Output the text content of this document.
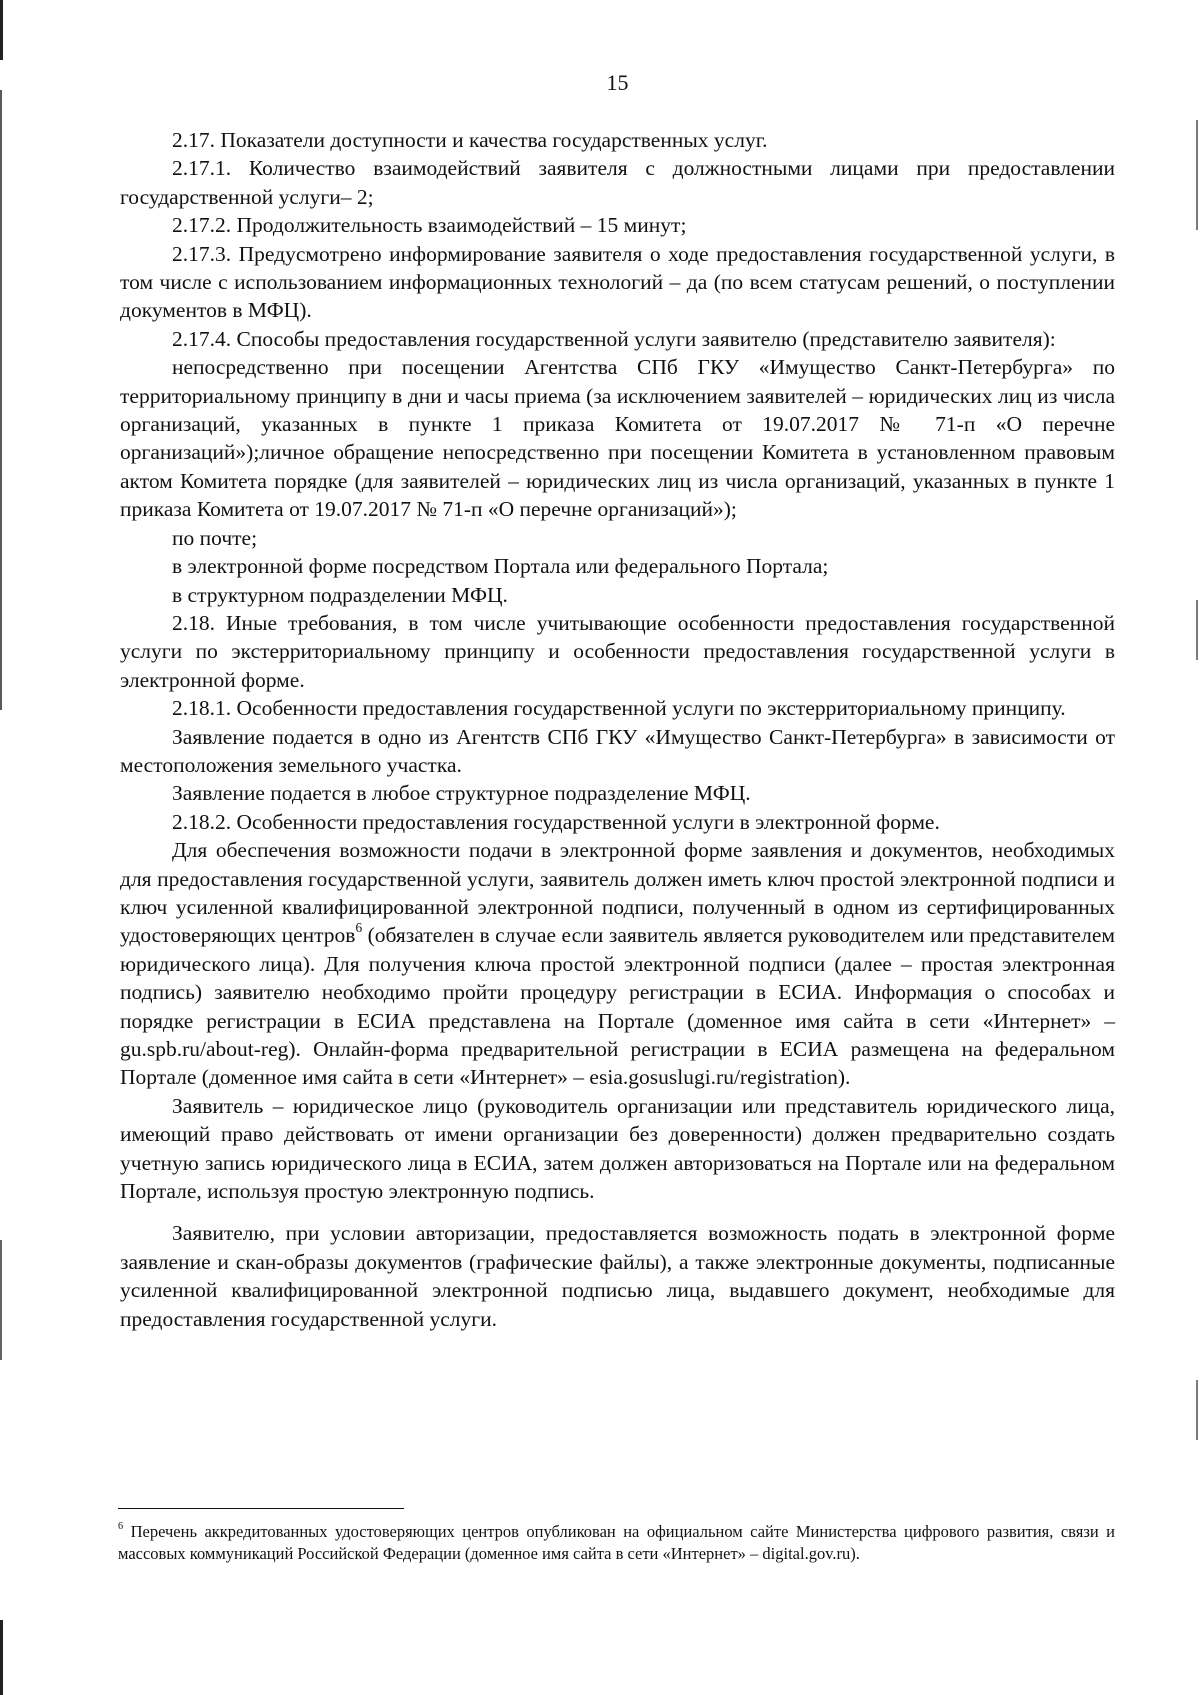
15

2.17. Показатели доступности и качества государственных услуг.

2.17.1. Количество взаимодействий заявителя с должностными лицами при предоставлении государственной услуги– 2;

2.17.2. Продолжительность взаимодействий – 15 минут;

2.17.3. Предусмотрено информирование заявителя о ходе предоставления государственной услуги, в том числе с использованием информационных технологий – да (по всем статусам решений, о поступлении документов в МФЦ).

2.17.4. Способы предоставления государственной услуги заявителю (представителю заявителя):

непосредственно при посещении Агентства СПб ГКУ «Имущество Санкт-Петербурга» по территориальному принципу в дни и часы приема (за исключением заявителей – юридических лиц из числа организаций, указанных в пункте 1 приказа Комитета от 19.07.2017 № 71-п «О перечне организаций»);личное обращение непосредственно при посещении Комитета в установленном правовым актом Комитета порядке (для заявителей – юридических лиц из числа организаций, указанных в пункте 1 приказа Комитета от 19.07.2017 № 71-п «О перечне организаций»);

по почте;

в электронной форме посредством Портала или федерального Портала;

в структурном подразделении МФЦ.

2.18. Иные требования, в том числе учитывающие особенности предоставления государственной услуги по экстерриториальному принципу и особенности предоставления государственной услуги в электронной форме.

2.18.1. Особенности предоставления государственной услуги по экстерриториальному принципу.

Заявление подается в одно из Агентств СПб ГКУ «Имущество Санкт-Петербурга» в зависимости от местоположения земельного участка.

Заявление подается в любое структурное подразделение МФЦ.

2.18.2. Особенности предоставления государственной услуги в электронной форме.

Для обеспечения возможности подачи в электронной форме заявления и документов, необходимых для предоставления государственной услуги, заявитель должен иметь ключ простой электронной подписи и ключ усиленной квалифицированной электронной подписи, полученный в одном из сертифицированных удостоверяющих центров$^6$ (обязателен в случае если заявитель является руководителем или представителем юридического лица). Для получения ключа простой электронной подписи (далее – простая электронная подпись) заявителю необходимо пройти процедуру регистрации в ЕСИА. Информация о способах и порядке регистрации в ЕСИА представлена на Портале (доменное имя сайта в сети «Интернет» – gu.spb.ru/about-reg). Онлайн-форма предварительной регистрации в ЕСИА размещена на федеральном Портале (доменное имя сайта в сети «Интернет» – esia.gosuslugi.ru/registration).

Заявитель – юридическое лицо (руководитель организации или представитель юридического лица, имеющий право действовать от имени организации без доверенности) должен предварительно создать учетную запись юридического лица в ЕСИА, затем должен авторизоваться на Портале или на федеральном Портале, используя простую электронную подпись.

Заявителю, при условии авторизации, предоставляется возможность подать в электронной форме заявление и скан-образы документов (графические файлы), а также электронные документы, подписанные усиленной квалифицированной электронной подписью лица, выдавшего документ, необходимые для предоставления государственной услуги.

$^6$ Перечень аккредитованных удостоверяющих центров опубликован на официальном сайте Министерства цифрового развития, связи и массовых коммуникаций Российской Федерации (доменное имя сайта в сети «Интернет» – digital.gov.ru).
